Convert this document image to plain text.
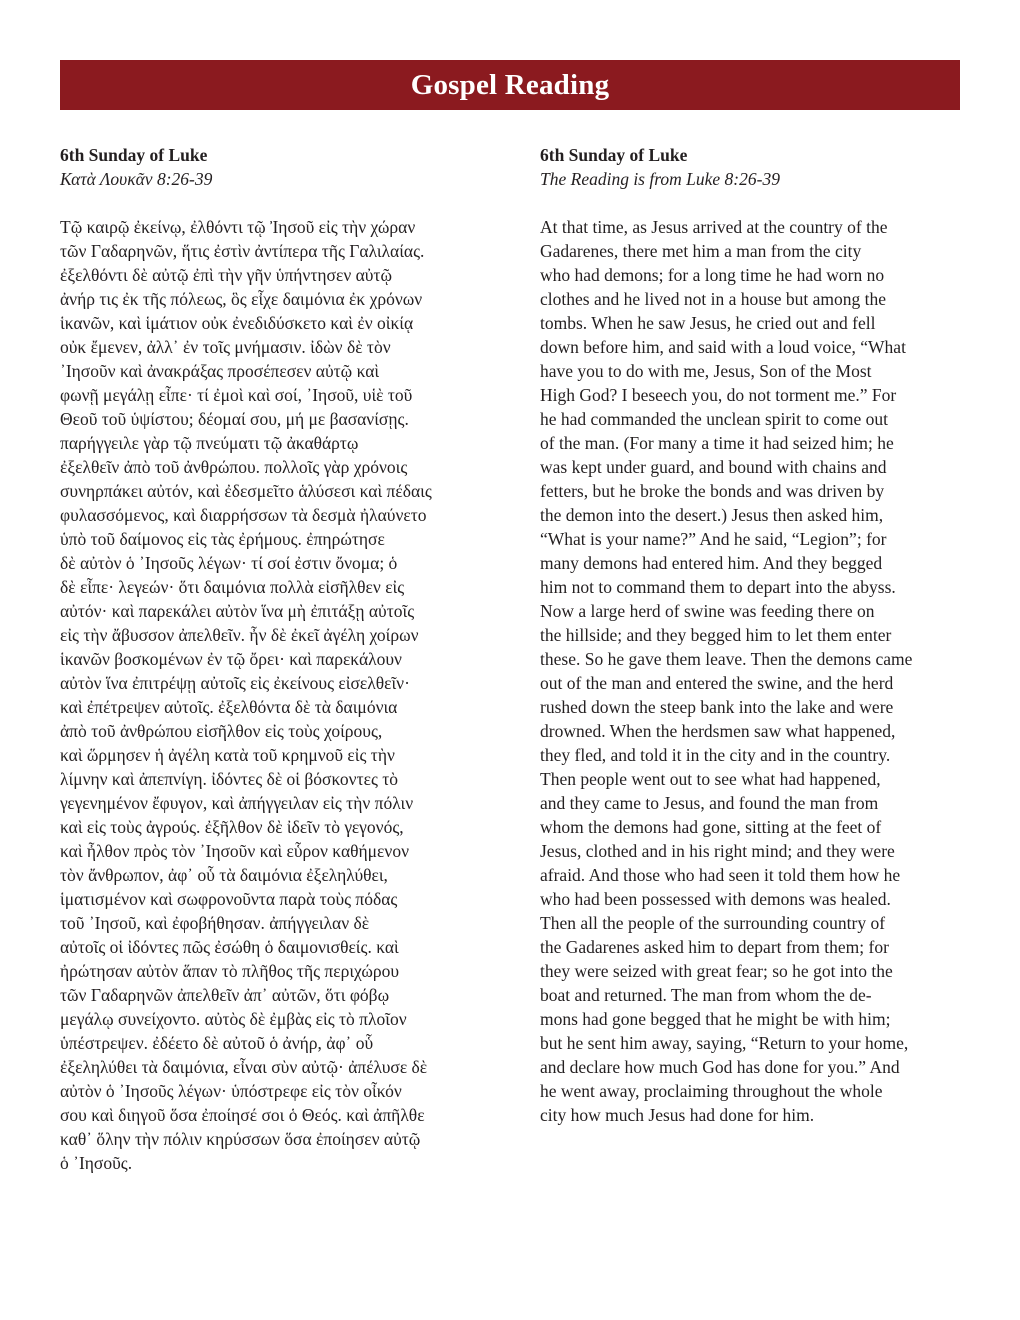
Gospel Reading

6th Sunday of Luke

Κατὰ Λουκᾶν 8:26-39

Τῷ καιρῷ ἐκείνῳ, ἐλθόντι τῷ Ἰησοῦ εἰς τὴν χώραν
τῶν Γαδαρηνῶν, ἥτις ἐστὶν ἀντίπερα τῆς Γαλιλαίας.
ἐξελθόντι δὲ αὐτῷ ἐπὶ τὴν γῆν ὑπήντησεν αὐτῷ
ἀνήρ τις ἐκ τῆς πόλεως, ὃς εἶχε δαιμόνια ἐκ χρόνων
ἱκανῶν, καὶ ἱμάτιον οὐκ ἐνεδιδύσκετο καὶ ἐν οἰκίᾳ
οὐκ ἔμενεν, ἀλλ᾿ ἐν τοῖς μνήμασιν. ἰδὼν δὲ τὸν
᾿Ιησοῦν καὶ ἀνακράξας προσέπεσεν αὐτῷ καὶ
φωνῇ μεγάλῃ εἶπε· τί ἐμοὶ καὶ σοί, ᾿Ιησοῦ, υἱὲ τοῦ
Θεοῦ τοῦ ὑψίστου; δέομαί σου, μή με βασανίσῃς.
παρήγγειλε γὰρ τῷ πνεύματι τῷ ἀκαθάρτῳ
ἐξελθεῖν ἀπὸ τοῦ ἀνθρώπου. πολλοῖς γὰρ χρόνοις
συνηρπάκει αὐτόν, καὶ ἐδεσμεῖτο ἁλύσεσι καὶ πέδαις
φυλασσόμενος, καὶ διαρρήσσων τὰ δεσμὰ ἠλαύνετο
ὑπὸ τοῦ δαίμονος εἰς τὰς ἐρήμους. ἐπηρώτησε
δὲ αὐτὸν ὁ ᾿Ιησοῦς λέγων· τί σοί ἐστιν ὄνομα; ὁ
δὲ εἶπε· λεγεών· ὅτι δαιμόνια πολλὰ εἰσῆλθεν εἰς
αὐτόν· καὶ παρεκάλει αὐτὸν ἵνα μὴ ἐπιτάξῃ αὐτοῖς
εἰς τὴν ἄβυσσον ἀπελθεῖν. ἦν δὲ ἐκεῖ ἀγέλη χοίρων
ἱκανῶν βοσκομένων ἐν τῷ ὄρει· καὶ παρεκάλουν
αὐτὸν ἵνα ἐπιτρέψῃ αὐτοῖς εἰς ἐκείνους εἰσελθεῖν·
καὶ ἐπέτρεψεν αὐτοῖς. ἐξελθόντα δὲ τὰ δαιμόνια
ἀπὸ τοῦ ἀνθρώπου εἰσῆλθον εἰς τοὺς χοίρους,
καὶ ὥρμησεν ἡ ἀγέλη κατὰ τοῦ κρημνοῦ εἰς τὴν
λίμνην καὶ ἀπεπνίγη. ἰδόντες δὲ οἱ βόσκοντες τὸ
γεγενημένον ἔφυγον, καὶ ἀπήγγειλαν εἰς τὴν πόλιν
καὶ εἰς τοὺς ἀγρούς. ἐξῆλθον δὲ ἰδεῖν τὸ γεγονός,
καὶ ἦλθον πρὸς τὸν ᾿Ιησοῦν καὶ εὗρον καθήμενον
τὸν ἄνθρωπον, ἀφ᾿ οὗ τὰ δαιμόνια ἐξεληλύθει,
ἱματισμένον καὶ σωφρονοῦντα παρὰ τοὺς πόδας
τοῦ ᾿Ιησοῦ, καὶ ἐφοβήθησαν. ἀπήγγειλαν δὲ
αὐτοῖς οἱ ἰδόντες πῶς ἐσώθη ὁ δαιμονισθείς. καὶ
ἠρώτησαν αὐτὸν ἅπαν τὸ πλῆθος τῆς περιχώρου
τῶν Γαδαρηνῶν ἀπελθεῖν ἀπ᾿ αὐτῶν, ὅτι φόβῳ
μεγάλῳ συνείχοντο. αὐτὸς δὲ ἐμβὰς εἰς τὸ πλοῖον
ὑπέστρεψεν. ἐδέετο δὲ αὐτοῦ ὁ ἀνήρ, ἀφ᾿ οὗ
ἐξεληλύθει τὰ δαιμόνια, εἶναι σὺν αὐτῷ· ἀπέλυσε δὲ
αὐτὸν ὁ ᾿Ιησοῦς λέγων· ὑπόστρεφε εἰς τὸν οἶκόν
σου καὶ διηγοῦ ὅσα ἐποίησέ σοι ὁ Θεός. καὶ ἀπῆλθε
καθ᾿ ὅλην τὴν πόλιν κηρύσσων ὅσα ἐποίησεν αὐτῷ
ὁ ᾿Ιησοῦς.

6th Sunday of Luke

The Reading is from Luke 8:26-39

At that time, as Jesus arrived at the country of the
Gadarenes, there met him a man from the city
who had demons; for a long time he had worn no
clothes and he lived not in a house but among the
tombs. When he saw Jesus, he cried out and fell
down before him, and said with a loud voice, “What
have you to do with me, Jesus, Son of the Most
High God? I beseech you, do not torment me.” For
he had commanded the unclean spirit to come out
of the man. (For many a time it had seized him; he
was kept under guard, and bound with chains and
fetters, but he broke the bonds and was driven by
the demon into the desert.) Jesus then asked him,
“What is your name?” And he said, “Legion”; for
many demons had entered him. And they begged
him not to command them to depart into the abyss.
Now a large herd of swine was feeding there on
the hillside; and they begged him to let them enter
these. So he gave them leave. Then the demons came
out of the man and entered the swine, and the herd
rushed down the steep bank into the lake and were
drowned. When the herdsmen saw what happened,
they fled, and told it in the city and in the country.
Then people went out to see what had happened,
and they came to Jesus, and found the man from
whom the demons had gone, sitting at the feet of
Jesus, clothed and in his right mind; and they were
afraid. And those who had seen it told them how he
who had been possessed with demons was healed.
Then all the people of the surrounding country of
the Gadarenes asked him to depart from them; for
they were seized with great fear; so he got into the
boat and returned. The man from whom the de-
mons had gone begged that he might be with him;
but he sent him away, saying, “Return to your home,
and declare how much God has done for you.” And
he went away, proclaiming throughout the whole
city how much Jesus had done for him.
